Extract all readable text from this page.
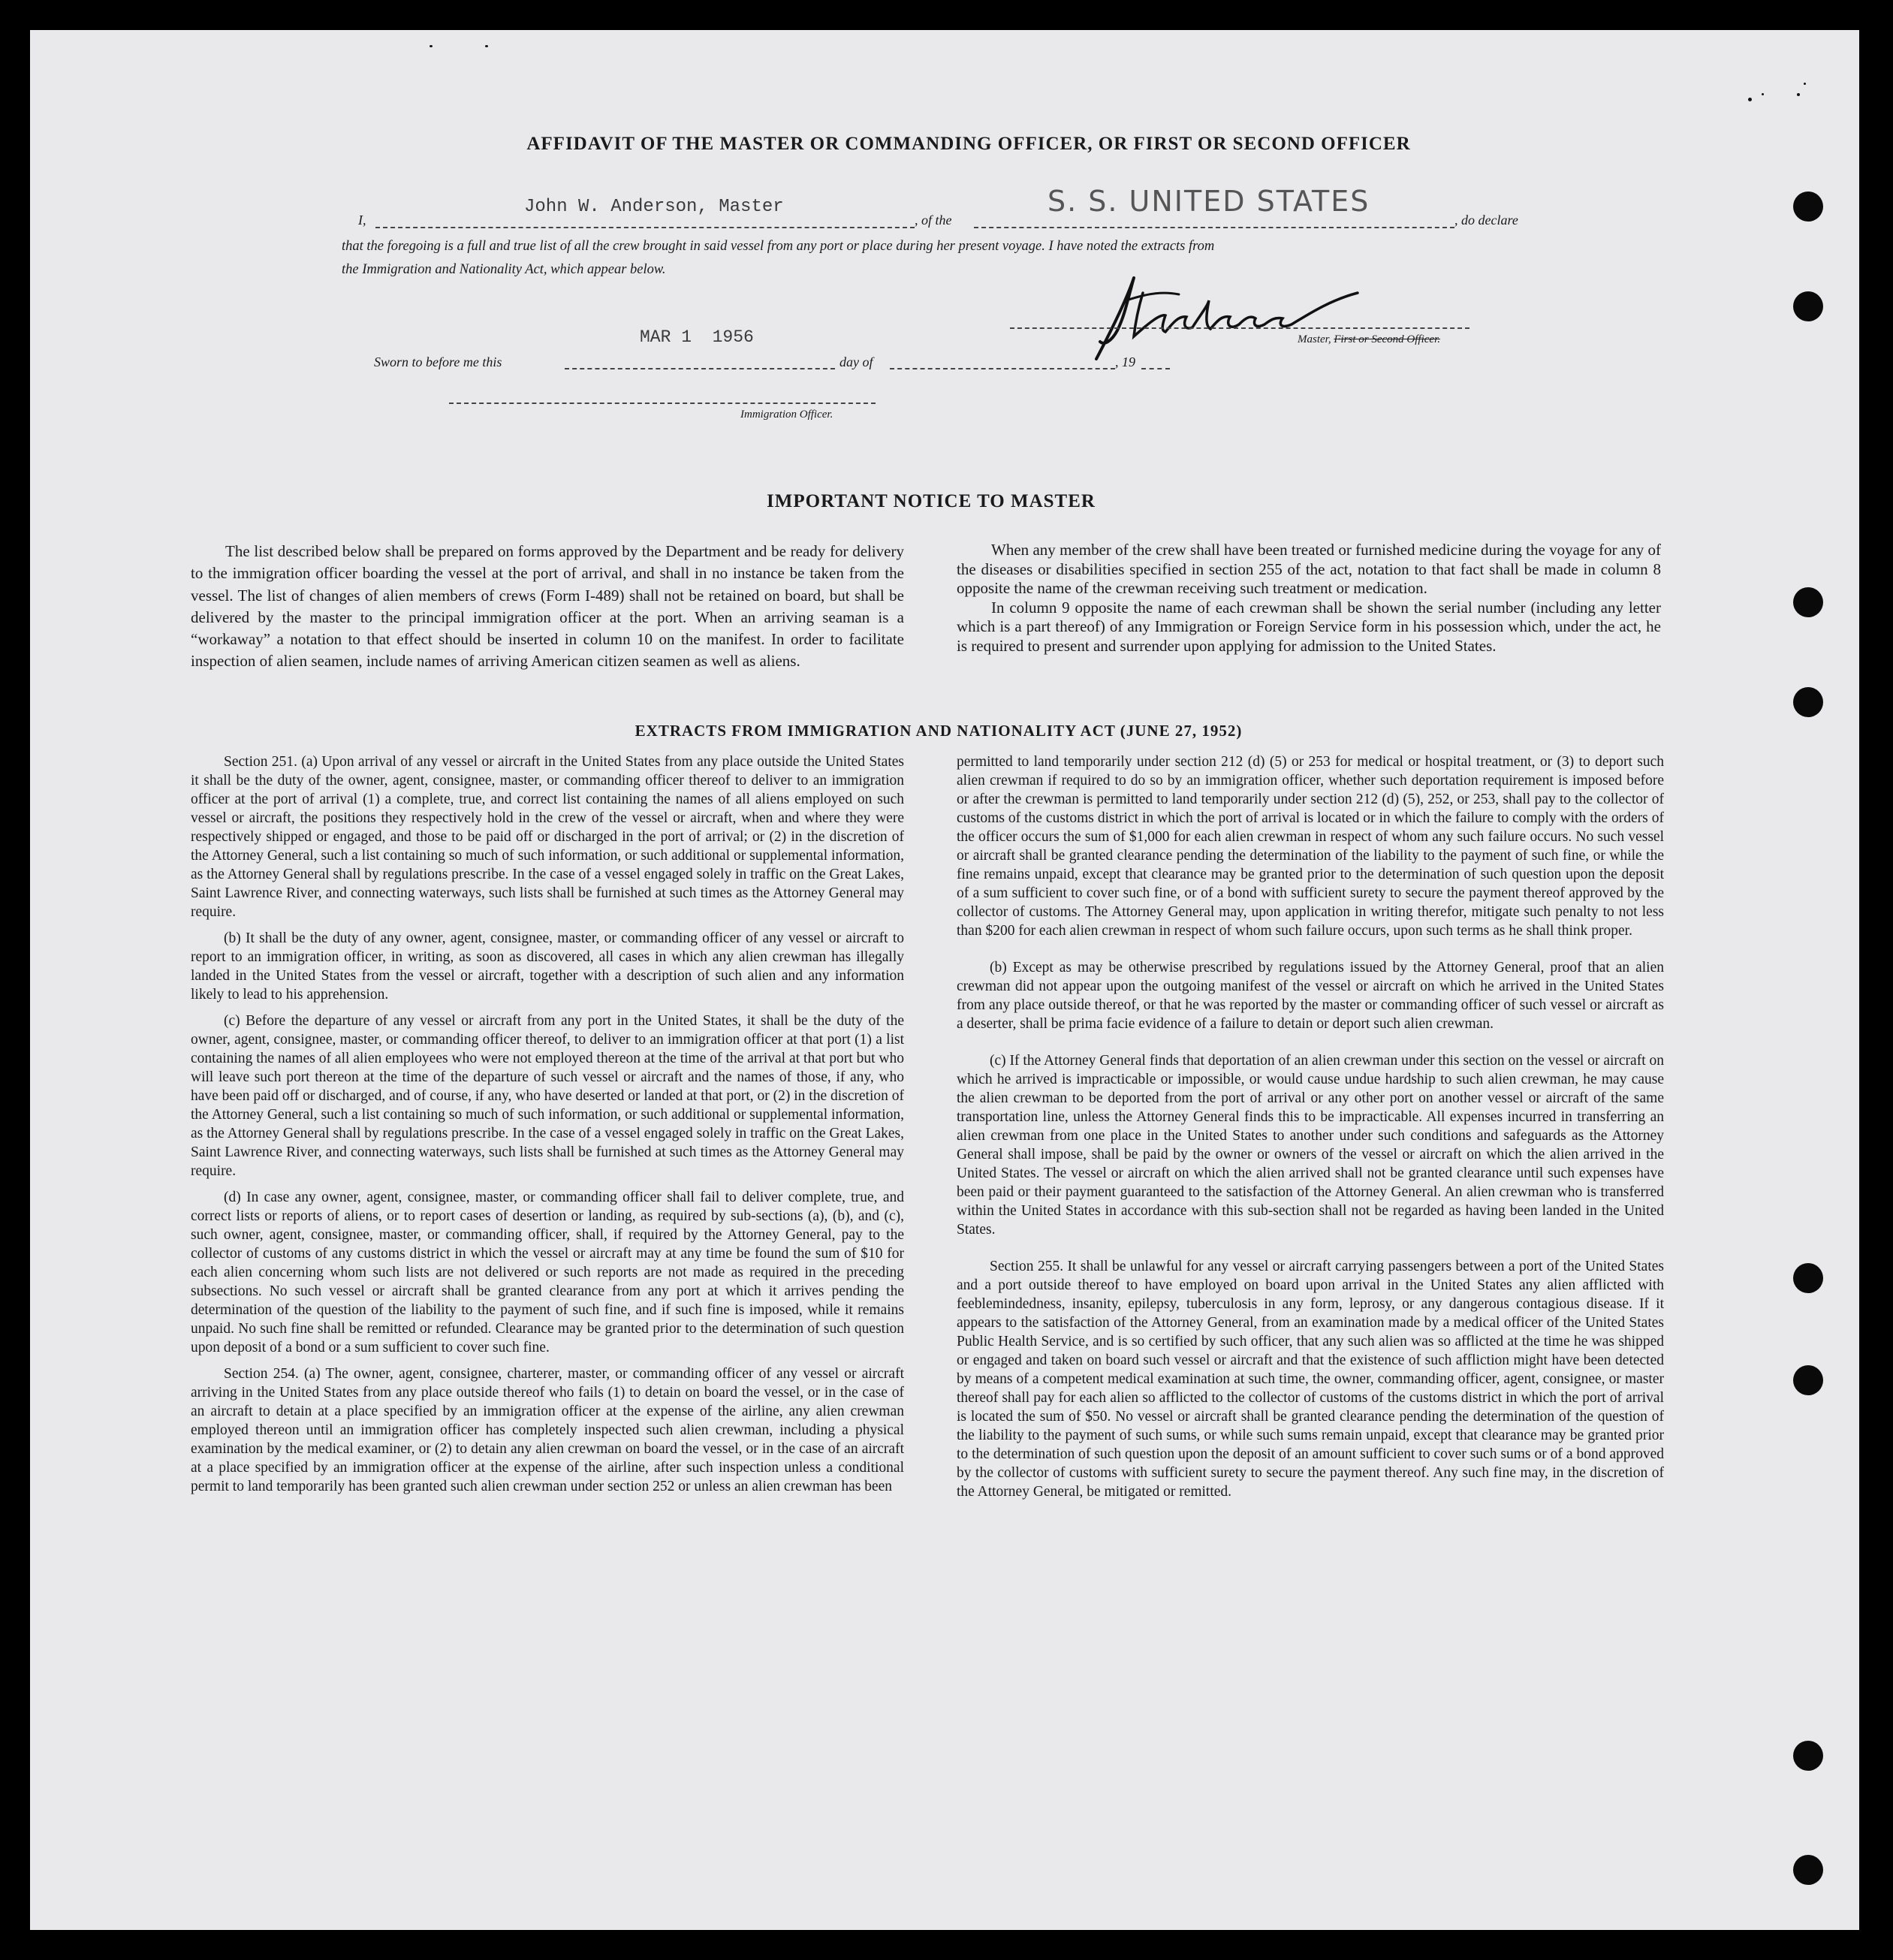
AFFIDAVIT OF THE MASTER OR COMMANDING OFFICER, OR FIRST OR SECOND OFFICER
I,
John W. Anderson, Master
, of the
S. S. UNITED STATES
, do declare
that the foregoing is a full and true list of all the crew brought in said vessel from any port or place during her present voyage. I have noted the extracts from
the Immigration and Nationality Act, which appear below.
MAR 1  1956	Master, First or Second Officer.
Sworn to before me this	day of	, 19
Immigration Officer.
IMPORTANT NOTICE TO MASTER

The list described below shall be prepared on forms approved by the Department and be ready for delivery to the immigration officer boarding the vessel at the port of arrival, and shall in no instance be taken from the vessel. The list of changes of alien members of crews (Form I-489) shall not be retained on board, but shall be delivered by the master to the principal immigration officer at the port. When an arriving seaman is a “workaway” a notation to that effect should be inserted in column 10 on the manifest. In order to facilitate inspection of alien seamen, include names of arriving American citizen seamen as well as aliens.

When any member of the crew shall have been treated or furnished medicine during the voyage for any of the diseases or disabilities specified in section 255 of the act, notation to that fact shall be made in column 8 opposite the name of the crewman receiving such treatment or medication.

In column 9 opposite the name of each crewman shall be shown the serial number (including any letter which is a part thereof) of any Immigration or Foreign Service form in his possession which, under the act, he is required to present and surrender upon applying for admission to the United States.

EXTRACTS FROM IMMIGRATION AND NATIONALITY ACT (JUNE 27, 1952)

Section 251. (a) Upon arrival of any vessel or aircraft in the United States from any place outside the United States it shall be the duty of the owner, agent, consignee, master, or commanding officer thereof to deliver to an immigration officer at the port of arrival (1) a complete, true, and correct list containing the names of all aliens employed on such vessel or aircraft, the positions they respectively hold in the crew of the vessel or aircraft, when and where they were respectively shipped or engaged, and those to be paid off or discharged in the port of arrival; or (2) in the discretion of the Attorney General, such a list containing so much of such information, or such additional or supplemental information, as the Attorney General shall by regulations prescribe. In the case of a vessel engaged solely in traffic on the Great Lakes, Saint Lawrence River, and connecting waterways, such lists shall be furnished at such times as the Attorney General may require.

(b) It shall be the duty of any owner, agent, consignee, master, or commanding officer of any vessel or aircraft to report to an immigration officer, in writing, as soon as discovered, all cases in which any alien crewman has illegally landed in the United States from the vessel or aircraft, together with a description of such alien and any information likely to lead to his apprehension.

(c) Before the departure of any vessel or aircraft from any port in the United States, it shall be the duty of the owner, agent, consignee, master, or commanding officer thereof, to deliver to an immigration officer at that port (1) a list containing the names of all alien employees who were not employed thereon at the time of the arrival at that port but who will leave such port thereon at the time of the departure of such vessel or aircraft and the names of those, if any, who have been paid off or discharged, and of course, if any, who have deserted or landed at that port, or (2) in the discretion of the Attorney General, such a list containing so much of such information, or such additional or supplemental information, as the Attorney General shall by regulations prescribe. In the case of a vessel engaged solely in traffic on the Great Lakes, Saint Lawrence River, and connecting waterways, such lists shall be furnished at such times as the Attorney General may require.

(d) In case any owner, agent, consignee, master, or commanding officer shall fail to deliver complete, true, and correct lists or reports of aliens, or to report cases of desertion or landing, as required by sub-sections (a), (b), and (c), such owner, agent, consignee, master, or commanding officer, shall, if required by the Attorney General, pay to the collector of customs of any customs district in which the vessel or aircraft may at any time be found the sum of $10 for each alien concerning whom such lists are not delivered or such reports are not made as required in the preceding subsections. No such vessel or aircraft shall be granted clearance from any port at which it arrives pending the determination of the question of the liability to the payment of such fine, and if such fine is imposed, while it remains unpaid. No such fine shall be remitted or refunded. Clearance may be granted prior to the determination of such question upon deposit of a bond or a sum sufficient to cover such fine.

Section 254. (a) The owner, agent, consignee, charterer, master, or commanding officer of any vessel or aircraft arriving in the United States from any place outside thereof who fails (1) to detain on board the vessel, or in the case of an aircraft to detain at a place specified by an immigration officer at the expense of the airline, any alien crewman employed thereon until an immigration officer has completely inspected such alien crewman, including a physical examination by the medical examiner, or (2) to detain any alien crewman on board the vessel, or in the case of an aircraft at a place specified by an immigration officer at the expense of the airline, after such inspection unless a conditional permit to land temporarily has been granted such alien crewman under section 252 or unless an alien crewman has been

permitted to land temporarily under section 212 (d) (5) or 253 for medical or hospital treatment, or (3) to deport such alien crewman if required to do so by an immigration officer, whether such deportation requirement is imposed before or after the crewman is permitted to land temporarily under section 212 (d) (5), 252, or 253, shall pay to the collector of customs of the customs district in which the port of arrival is located or in which the failure to comply with the orders of the officer occurs the sum of $1,000 for each alien crewman in respect of whom any such failure occurs. No such vessel or aircraft shall be granted clearance pending the determination of the liability to the payment of such fine, or while the fine remains unpaid, except that clearance may be granted prior to the determination of such question upon the deposit of a sum sufficient to cover such fine, or of a bond with sufficient surety to secure the payment thereof approved by the collector of customs. The Attorney General may, upon application in writing therefor, mitigate such penalty to not less than $200 for each alien crewman in respect of whom such failure occurs, upon such terms as he shall think proper.

(b) Except as may be otherwise prescribed by regulations issued by the Attorney General, proof that an alien crewman did not appear upon the outgoing manifest of the vessel or aircraft on which he arrived in the United States from any place outside thereof, or that he was reported by the master or commanding officer of such vessel or aircraft as a deserter, shall be prima facie evidence of a failure to detain or deport such alien crewman.

(c) If the Attorney General finds that deportation of an alien crewman under this section on the vessel or aircraft on which he arrived is impracticable or impossible, or would cause undue hardship to such alien crewman, he may cause the alien crewman to be deported from the port of arrival or any other port on another vessel or aircraft of the same transportation line, unless the Attorney General finds this to be impracticable. All expenses incurred in transferring an alien crewman from one place in the United States to another under such conditions and safeguards as the Attorney General shall impose, shall be paid by the owner or owners of the vessel or aircraft on which the alien arrived in the United States. The vessel or aircraft on which the alien arrived shall not be granted clearance until such expenses have been paid or their payment guaranteed to the satisfaction of the Attorney General. An alien crewman who is transferred within the United States in accordance with this sub-section shall not be regarded as having been landed in the United States.

Section 255. It shall be unlawful for any vessel or aircraft carrying passengers between a port of the United States and a port outside thereof to have employed on board upon arrival in the United States any alien afflicted with feeblemindedness, insanity, epilepsy, tuberculosis in any form, leprosy, or any dangerous contagious disease. If it appears to the satisfaction of the Attorney General, from an examination made by a medical officer of the United States Public Health Service, and is so certified by such officer, that any such alien was so afflicted at the time he was shipped or engaged and taken on board such vessel or aircraft and that the existence of such affliction might have been detected by means of a competent medical examination at such time, the owner, commanding officer, agent, consignee, or master thereof shall pay for each alien so afflicted to the collector of customs of the customs district in which the port of arrival is located the sum of $50. No vessel or aircraft shall be granted clearance pending the determination of the question of the liability to the payment of such sums, or while such sums remain unpaid, except that clearance may be granted prior to the determination of such question upon the deposit of an amount sufficient to cover such sums or of a bond approved by the collector of customs with sufficient surety to secure the payment thereof. Any such fine may, in the discretion of the Attorney General, be mitigated or remitted.
